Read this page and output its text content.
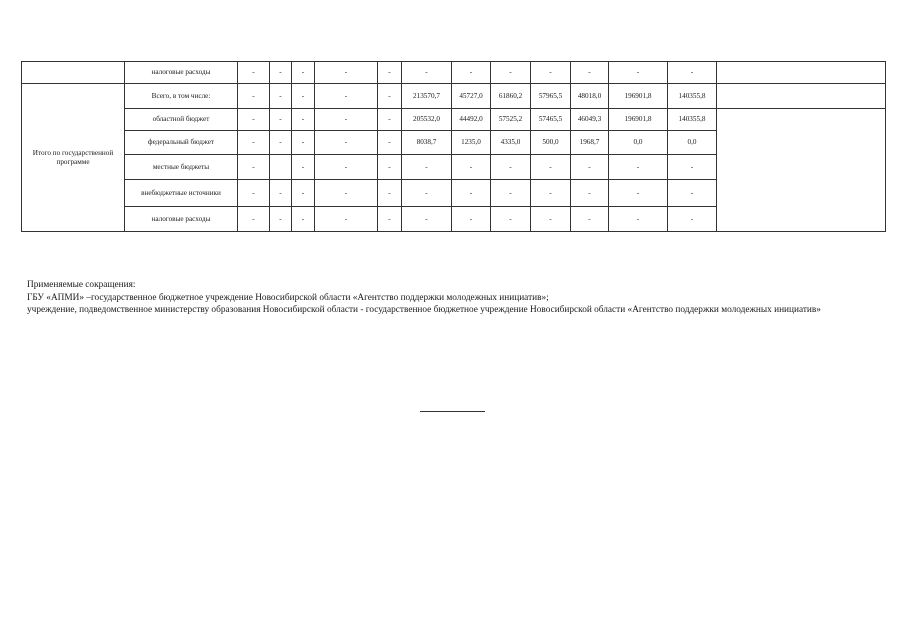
	налоговые расходы	-	-	-	-	-	-	-	-	-	-	-	-	
Итого по государственной программе	Всего, в том числе:	-	-	-	-	-	213570,7	45727,0	61860,2	57965,5	48018,0	196901,8	140355,8	
	областной бюджет	-	-	-	-	-	205532,0	44492,0	57525,2	57465,5	46049,3	196901,8	140355,8	
	федеральный бюджет	-	-	-	-	-	8038,7	1235,0	4335,0	500,0	1968,7	0,0	0,0	
	местные бюджеты	-		-	-	-	-	-	-	-	-	-	-	
	внебюджетные источники	-	-	-	-	-	-	-	-	-	-	-	-	
	налоговые расходы	-	-	-	-	-	-	-	-	-	-	-	-	
Применяемые сокращения:
ГБУ «АПМИ» –государственное бюджетное учреждение Новосибирской области «Агентство поддержки молодежных инициатив»;
учреждение, подведомственное министерству образования Новосибирской области - государственное бюджетное учреждение Новосибирской области «Агентство поддержки молодежных инициатив»
